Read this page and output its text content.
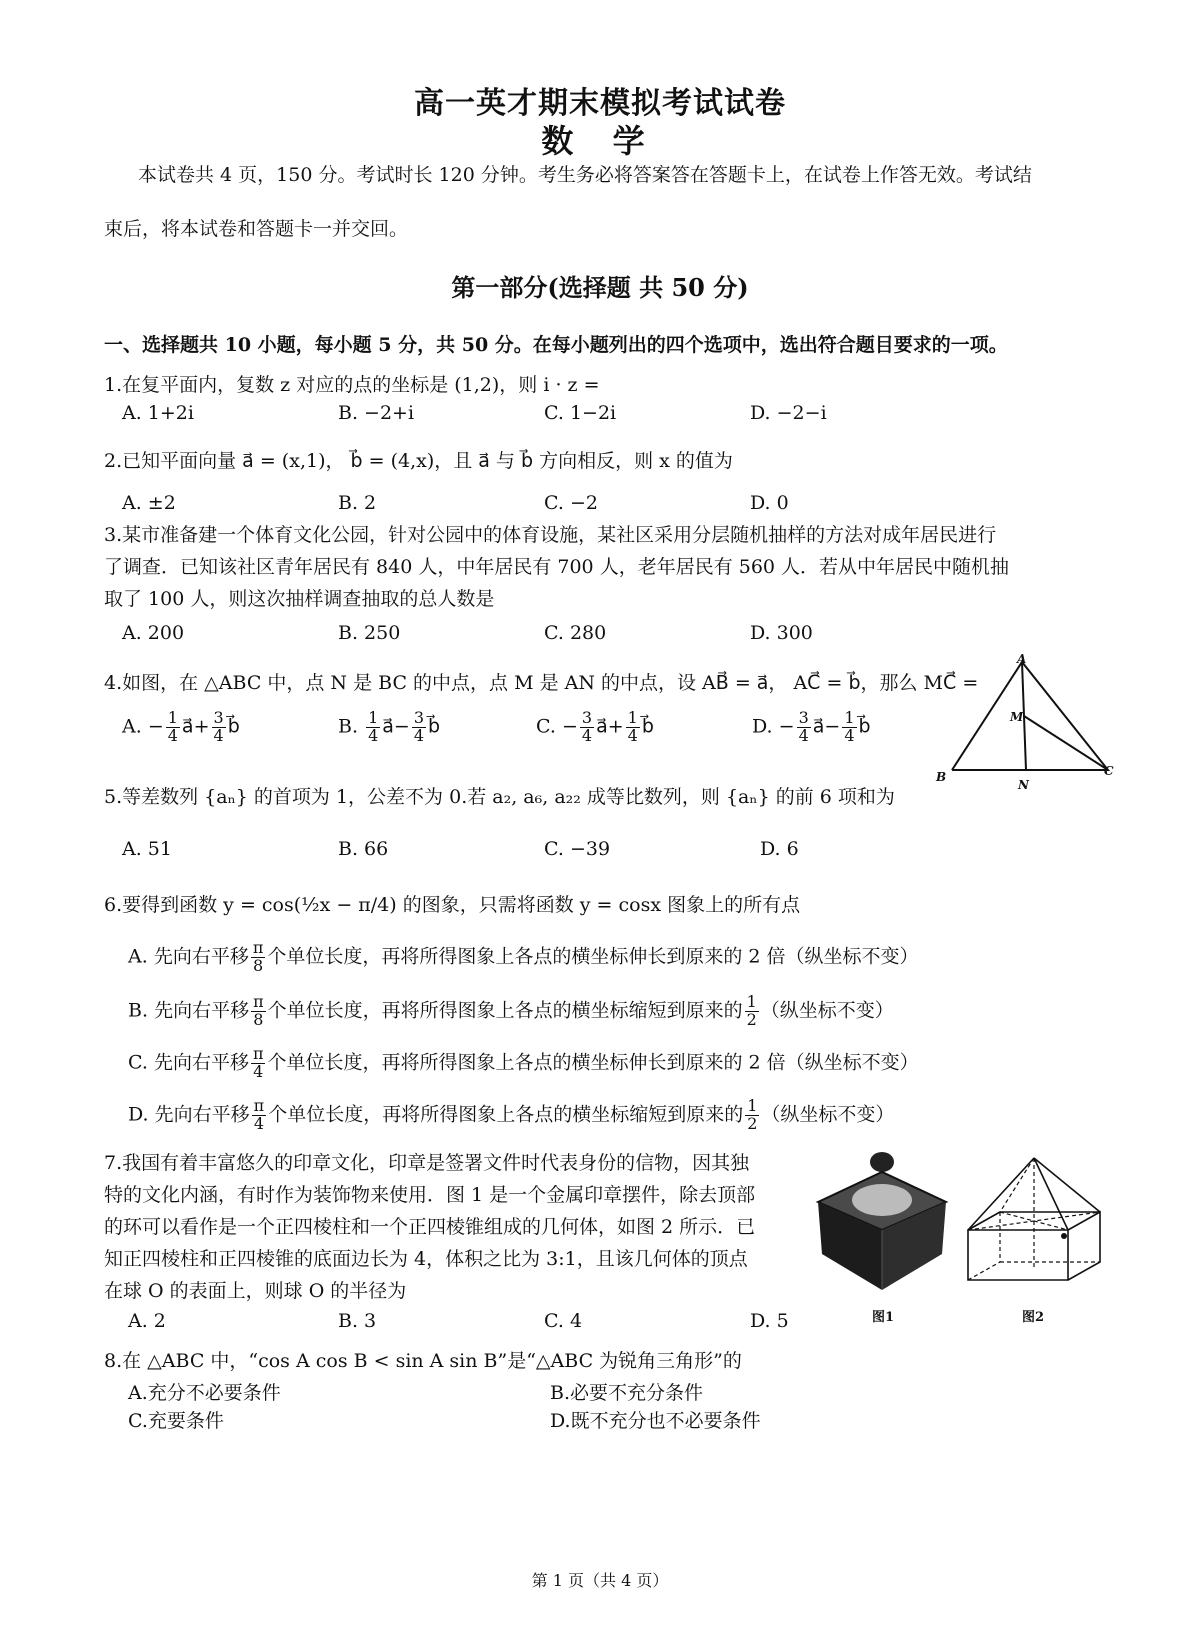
高一英才期末模拟考试试卷
数 学
本试卷共 4 页，150 分。考试时长 120 分钟。考生务必将答案答在答题卡上，在试卷上作答无效。考试结
束后，将本试卷和答题卡一并交回。
第一部分(选择题 共 50 分)
一、选择题共 10 小题，每小题 5 分，共 50 分。在每小题列出的四个选项中，选出符合题目要求的一项。
1.在复平面内，复数 z 对应的点的坐标是 (1,2)，则 i · z =
A. 1+2i	B. −2+i	C. 1−2i	D. −2−i
2.已知平面向量 a⃗ = (x,1)， b⃗ = (4,x)，且 a⃗ 与 b⃗ 方向相反，则 x 的值为
A. ±2	B. 2	C. −2	D. 0
3.某市准备建一个体育文化公园，针对公园中的体育设施，某社区采用分层随机抽样的方法对成年居民进行
了调查．已知该社区青年居民有 840 人，中年居民有 700 人，老年居民有 560 人．若从中年居民中随机抽
取了 100 人，则这次抽样调查抽取的总人数是
A. 200	B. 250	C. 280	D. 300
4.如图，在 △ABC 中，点 N 是 BC 的中点，点 M 是 AN 的中点，设 AB⃗ = a⃗， AC⃗ = b⃗，那么 MC⃗ =
A. − $\frac{1}{4}$ a⃗+ $\frac{3}{4}$ b⃗	B. $\frac{1}{4}$ a⃗− $\frac{3}{4}$ b⃗	C. − $\frac{3}{4}$ a⃗+ $\frac{1}{4}$ b⃗	D. − $\frac{3}{4}$ a⃗− $\frac{1}{4}$ b⃗
A
M
B
N
C
5.等差数列 {aₙ} 的首项为 1，公差不为 0.若 a₂, a₆, a₂₂ 成等比数列，则 {aₙ} 的前 6 项和为
A. 51	B. 66	C. −39	D. 6
6.要得到函数 y = cos(½x − π/4) 的图象，只需将函数 y = cosx 图象上的所有点
A. 先向右平移 $\frac{\pi}{8}$ 个单位长度，再将所得图象上各点的横坐标伸长到原来的 2 倍（纵坐标不变）
B. 先向右平移 $\frac{\pi}{8}$ 个单位长度，再将所得图象上各点的横坐标缩短到原来的 $\frac{1}{2}$ （纵坐标不变）
C. 先向右平移 $\frac{\pi}{4}$ 个单位长度，再将所得图象上各点的横坐标伸长到原来的 2 倍（纵坐标不变）
D. 先向右平移 $\frac{\pi}{4}$ 个单位长度，再将所得图象上各点的横坐标缩短到原来的 $\frac{1}{2}$ （纵坐标不变）
7.我国有着丰富悠久的印章文化，印章是签署文件时代表身份的信物，因其独
特的文化内涵，有时作为装饰物来使用．图 1 是一个金属印章摆件，除去顶部
的环可以看作是一个正四棱柱和一个正四棱锥组成的几何体，如图 2 所示．已
知正四棱柱和正四棱锥的底面边长为 4，体积之比为 3:1，且该几何体的顶点
在球 O 的表面上，则球 O 的半径为
A. 2	B. 3	C. 4	D. 5	图1	图2
8.在 △ABC 中，“cos A cos B < sin A sin B”是“△ABC 为锐角三角形”的
A.充分不必要条件	B.必要不充分条件
C.充要条件	D.既不充分也不必要条件
第 1 页（共 4 页）
